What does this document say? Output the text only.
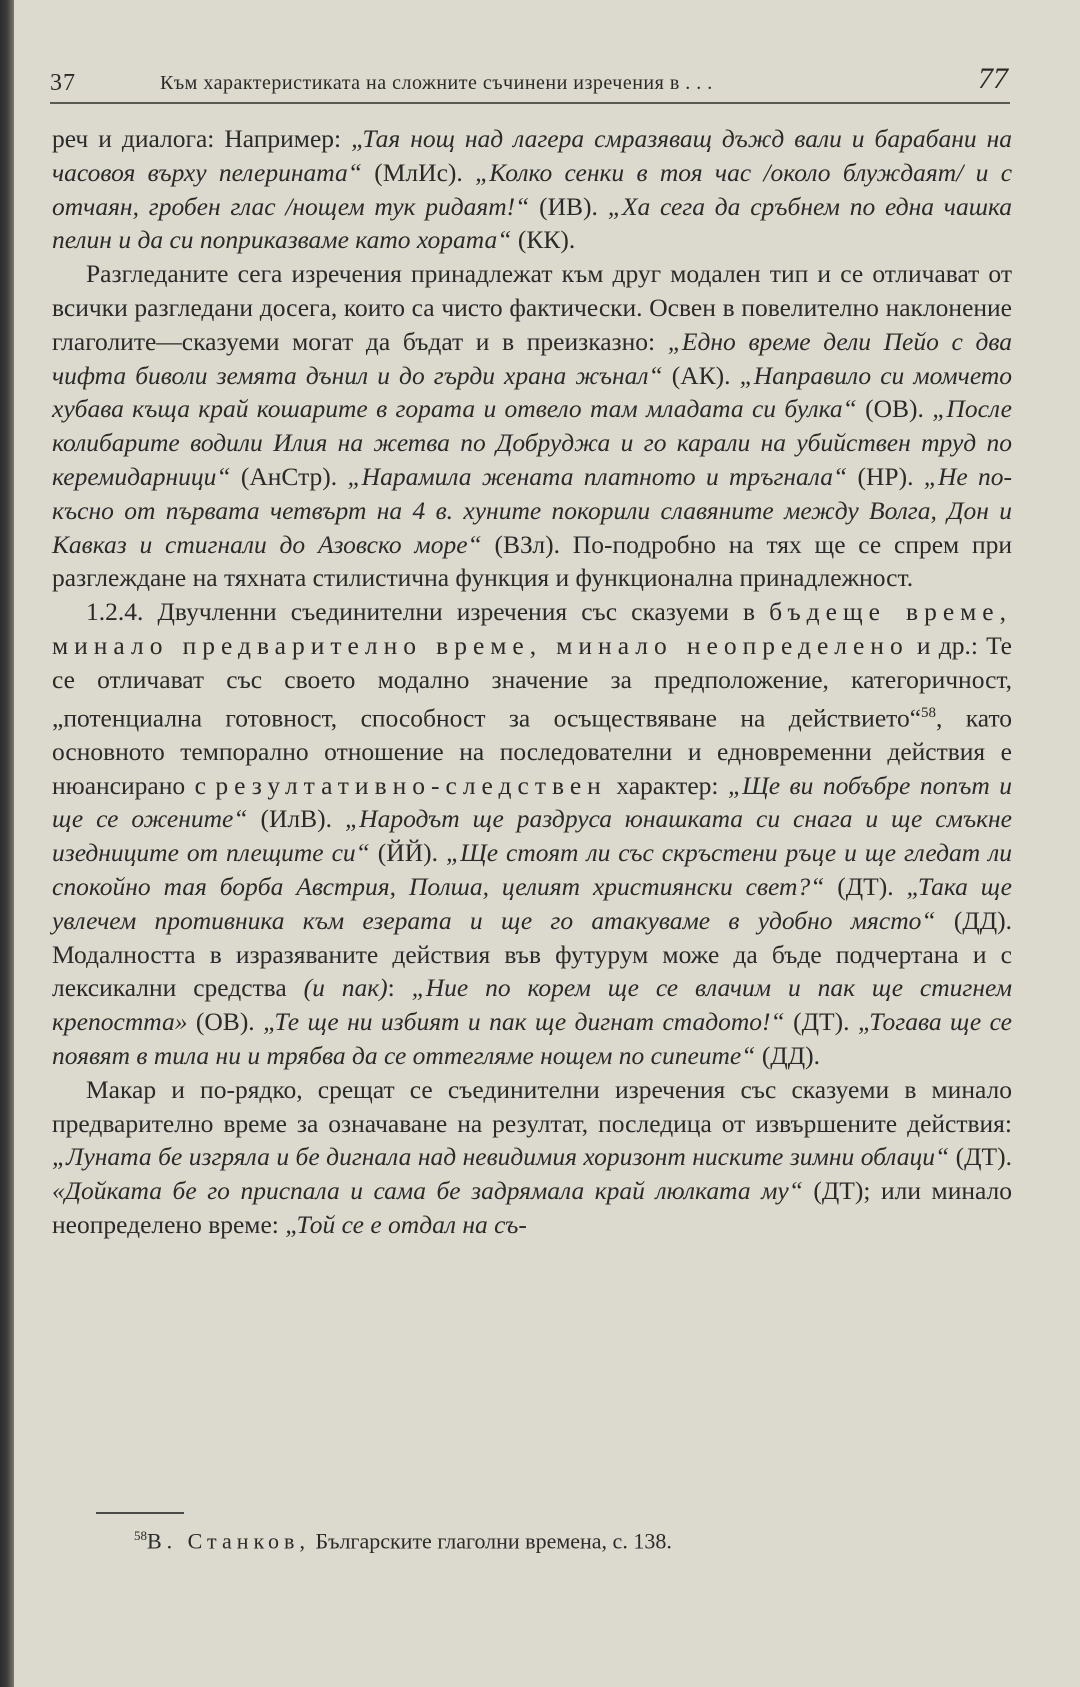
37	Към характеристиката на сложните съчинени изречения в . . .	77

реч и диалога: Например: „Тая нощ над лагера смразяващ дъжд вали и барабани на часовоя върху пелерината“ (МлИс). „Колко сенки в тоя час /около блуждаят/ и с отчаян, гробен глас /нощем тук ридаят!“ (ИВ). „Ха сега да сръбнем по една чашка пелин и да си поприказваме като хората“ (КК).

Разгледаните сега изречения принадлежат към друг модален тип и се отличават от всички разгледани досега, които са чисто фактически. Освен в повелително наклонение глаголите—сказуеми могат да бъдат и в преизказно: „Едно време дели Пейо с два чифта биволи земята дънил и до гърди храна жънал“ (АК). „Направило си момчето хубава къща край кошарите в гората и отвело там младата си булка“ (ОВ). „После колибарите водили Илия на жетва по Добруджа и го карали на убийствен труд по керемидарници“ (АнСтр). „Нарамила жената платното и тръгнала“ (НР). „Не по-късно от първата четвърт на 4 в. хуните покорили славяните между Волга, Дон и Кавказ и стигнали до Азовско море“ (ВЗл). По-подробно на тях ще се спрем при разглеждане на тяхната стилистична функция и функционална принадлежност.

1.2.4. Двучленни съединителни изречения със сказуеми в бъдеще време, минало предварително време, минало неопределено и др.: Те се отличават със своето модално значение за предположение, категоричност, „потенциална готовност, способност за осъществяване на действието“$^{58}$, като основното темпорално отношение на последователни и едновременни действия е нюансирано с резултативно-следствен характер: „Ще ви побъбре попът и ще се ожените“ (ИлВ). „Народът ще раздруса юнашката си снага и ще смъкне изедниците от плещите си“ (ЙЙ). „Ще стоят ли със скръстени ръце и ще гледат ли спокойно тая борба Австрия, Полша, целият християнски свет?“ (ДТ). „Така ще увлечем противника към езерата и ще го атакуваме в удобно място“ (ДД). Модалността в изразяваните действия във футурум може да бъде подчертана и с лексикални средства (и пак): „Ние по корем ще се влачим и пак ще стигнем крепостта» (ОВ). „Те ще ни избият и пак ще дигнат стадото!“ (ДТ). „Тогава ще се появят в тила ни и трябва да се оттегляме нощем по сипеите“ (ДД).

Макар и по-рядко, срещат се съединителни изречения със сказуеми в минало предварително време за означаване на резултат, последица от извършените действия: „Луната бе изгряла и бе дигнала над невидимия хоризонт ниските зимни облаци“ (ДТ). «Дойката бе го приспала и сама бе задрямала край люлката му“ (ДТ); или минало неопределено време: „Той се е отдал на съ-

$^{58}$В. Станков, Българските глаголни времена, с. 138.
